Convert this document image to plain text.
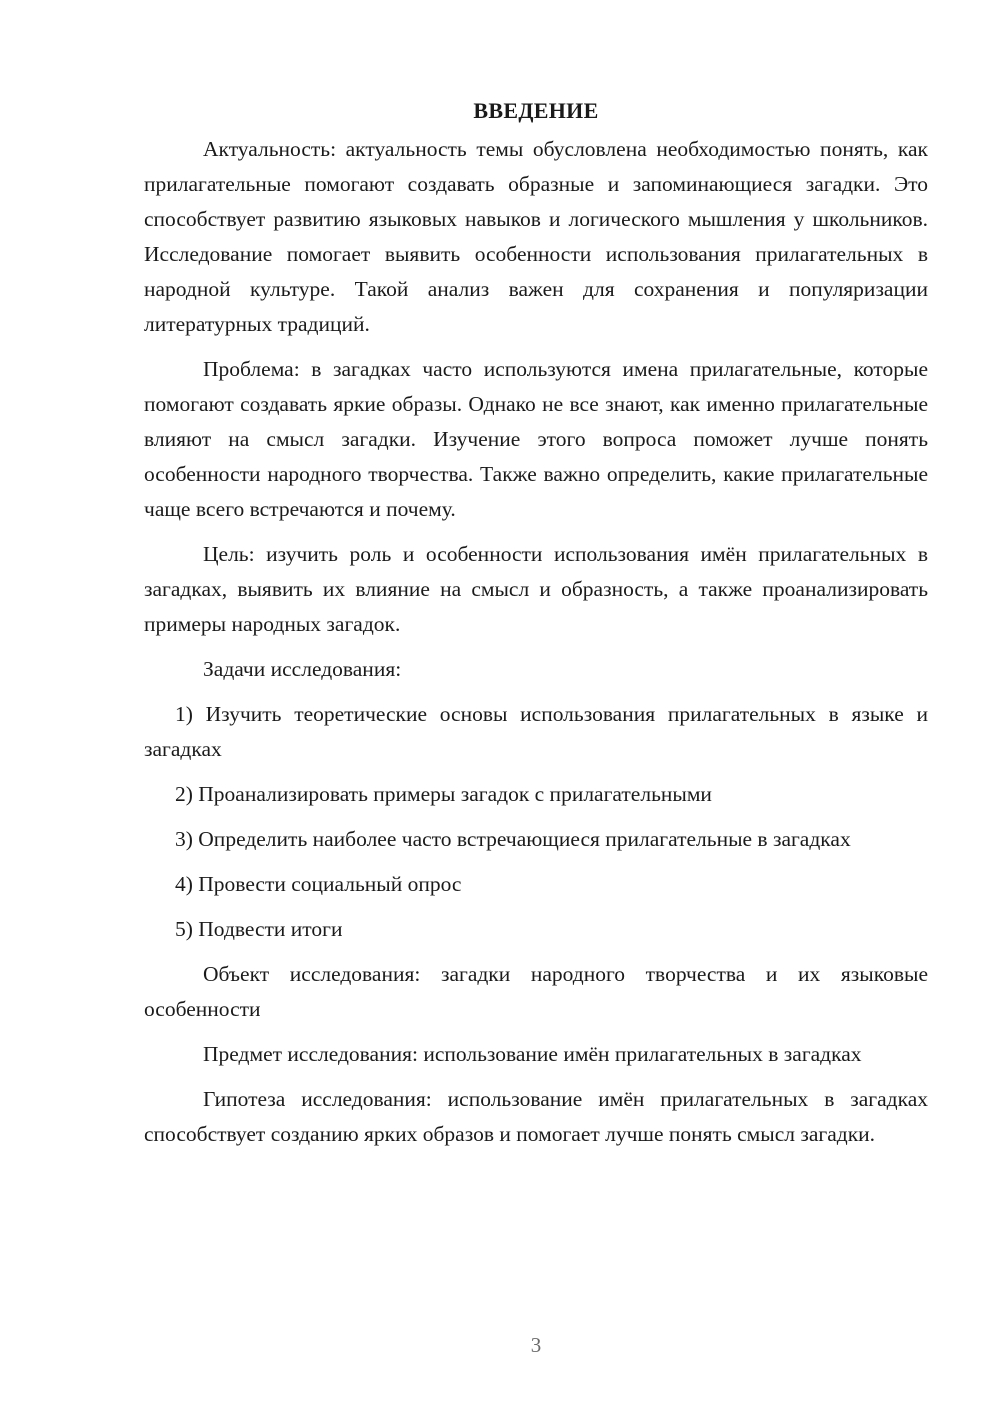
ВВЕДЕНИЕ

Актуальность: актуальность темы обусловлена необходимостью понять, как прилагательные помогают создавать образные и запоминающиеся загадки. Это способствует развитию языковых навыков и логического мышления у школьников. Исследование помогает выявить особенности использования прилагательных в народной культуре. Такой анализ важен для сохранения и популяризации литературных традиций.

Проблема: в загадках часто используются имена прилагательные, которые помогают создавать яркие образы. Однако не все знают, как именно прилагательные влияют на смысл загадки. Изучение этого вопроса поможет лучше понять особенности народного творчества. Также важно определить, какие прилагательные чаще всего встречаются и почему.

Цель: изучить роль и особенности использования имён прилагательных в загадках, выявить их влияние на смысл и образность, а также проанализировать примеры народных загадок.

Задачи исследования:

1) Изучить теоретические основы использования прилагательных в языке и загадках

2) Проанализировать примеры загадок с прилагательными

3) Определить наиболее часто встречающиеся прилагательные в загадках

4) Провести социальный опрос

5) Подвести итоги

Объект исследования: загадки народного творчества и их языковые особенности

Предмет исследования: использование имён прилагательных в загадках

Гипотеза исследования: использование имён прилагательных в загадках способствует созданию ярких образов и помогает лучше понять смысл загадки.

3
